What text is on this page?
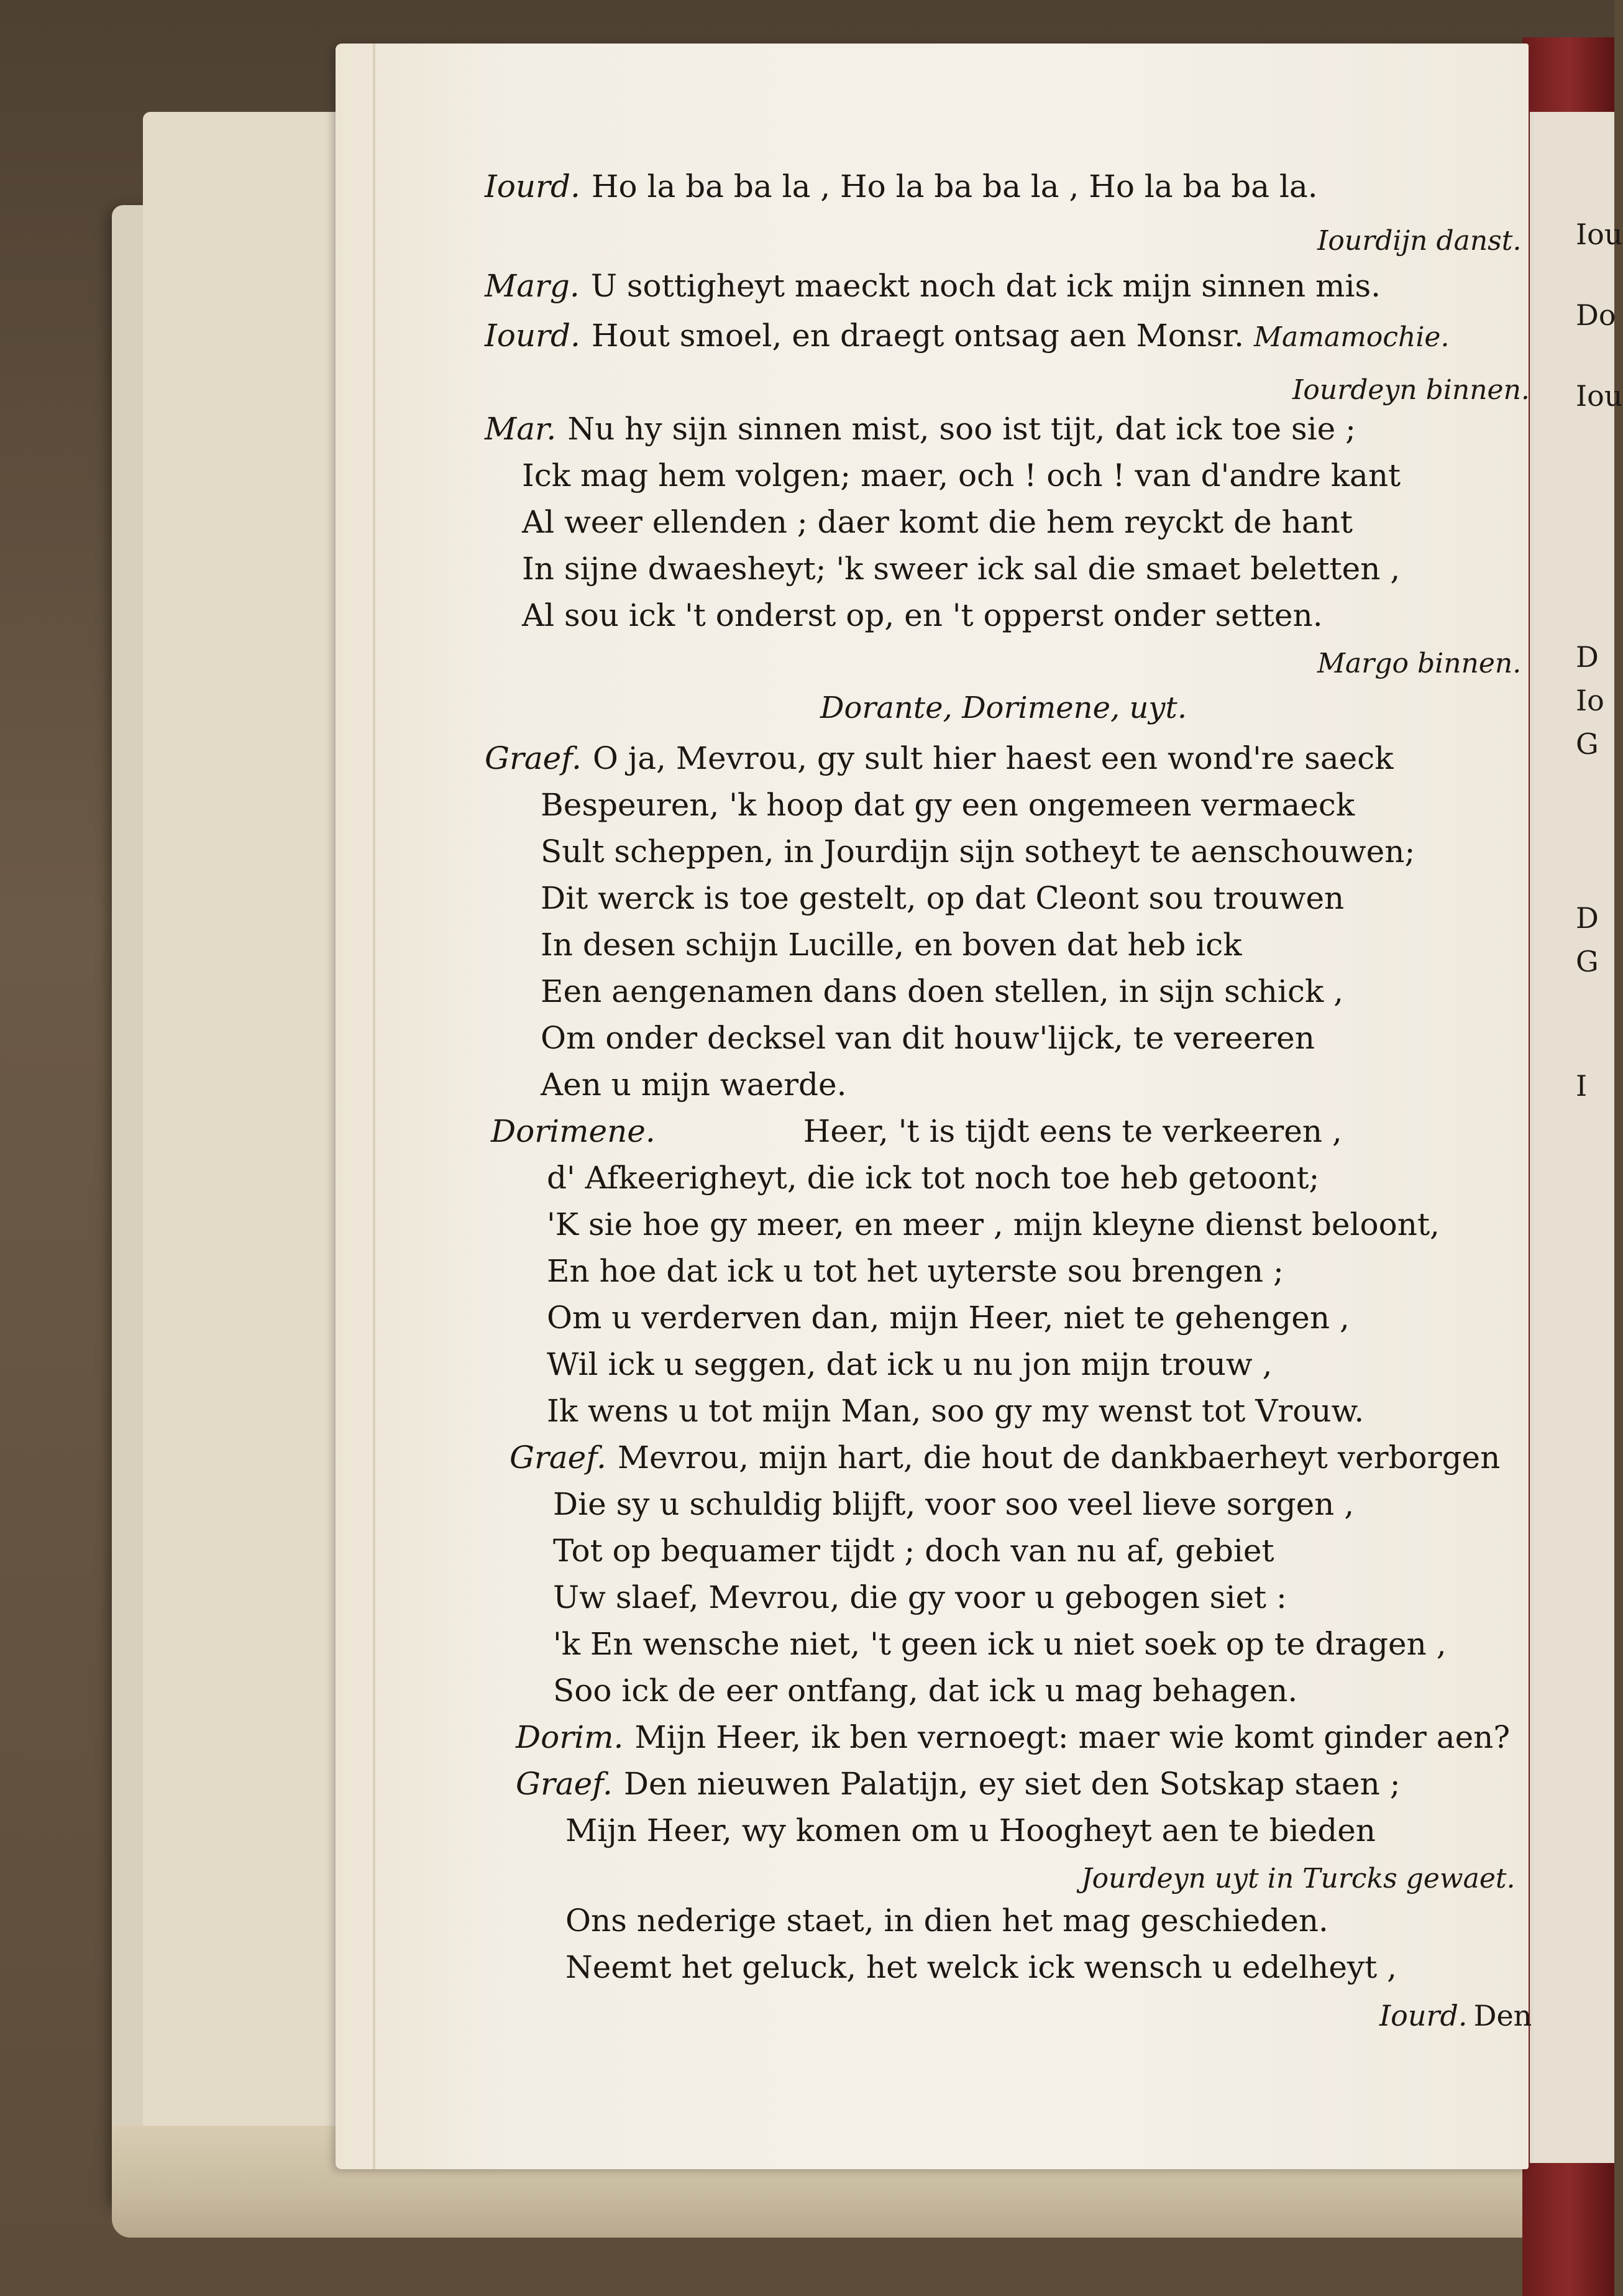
Iou
Do
Iou
D
Io
G
D
G
I
Iourd. Ho la ba ba la , Ho la ba ba la , Ho la ba ba la.
Iourdijn danst.
Marg. U sottigheyt maeckt noch dat ick mijn sinnen mis.
Iourd. Hout smoel, en draegt ontsag aen Monsr. Mamamochie.
Iourdeyn binnen.
Mar. Nu hy sijn sinnen mist, soo ist tijt, dat ick toe sie ;
Ick mag hem volgen; maer, och ! och ! van d'andre kant
Al weer ellenden ; daer komt die hem reyckt de hant
In sijne dwaesheyt; 'k sweer ick sal die smaet beletten ,
Al sou ick 't onderst op, en 't opperst onder setten.
Margo binnen.
Dorante, Dorimene, uyt.
Graef. O ja, Mevrou, gy sult hier haest een wond're saeck
Bespeuren, 'k hoop dat gy een ongemeen vermaeck
Sult scheppen, in Jourdijn sijn sotheyt te aenschouwen;
Dit werck is toe gestelt, op dat Cleont sou trouwen
In desen schijn Lucille, en boven dat heb ick
Een aengenamen dans doen stellen, in sijn schick ,
Om onder decksel van dit houw'lijck, te vereeren
Aen u mijn waerde.
Dorimene.	Heer, 't is tijdt eens te verkeeren ,
d' Afkeerigheyt, die ick tot noch toe heb getoont;
'K sie hoe gy meer, en meer , mijn kleyne dienst beloont,
En hoe dat ick u tot het uyterste sou brengen ;
Om u verderven dan, mijn Heer, niet te gehengen ,
Wil ick u seggen, dat ick u nu jon mijn trouw ,
Ik wens u tot mijn Man, soo gy my wenst tot Vrouw.
Graef. Mevrou, mijn hart, die hout de dankbaerheyt verborgen
Die sy u schuldig blijft, voor soo veel lieve sorgen ,
Tot op bequamer tijdt ; doch van nu af, gebiet
Uw slaef, Mevrou, die gy voor u gebogen siet :
'k En wensche niet, 't geen ick u niet soek op te dragen ,
Soo ick de eer ontfang, dat ick u mag behagen.
Dorim. Mijn Heer, ik ben vernoegt: maer wie komt ginder aen?
Graef. Den nieuwen Palatijn, ey siet den Sotskap staen ;
Mijn Heer, wy komen om u Hoogheyt aen te bieden
Jourdeyn uyt in Turcks gewaet.
Ons nederige staet, in dien het mag geschieden.
Neemt het geluck, het welck ick wensch u edelheyt ,
Iourd. Den
